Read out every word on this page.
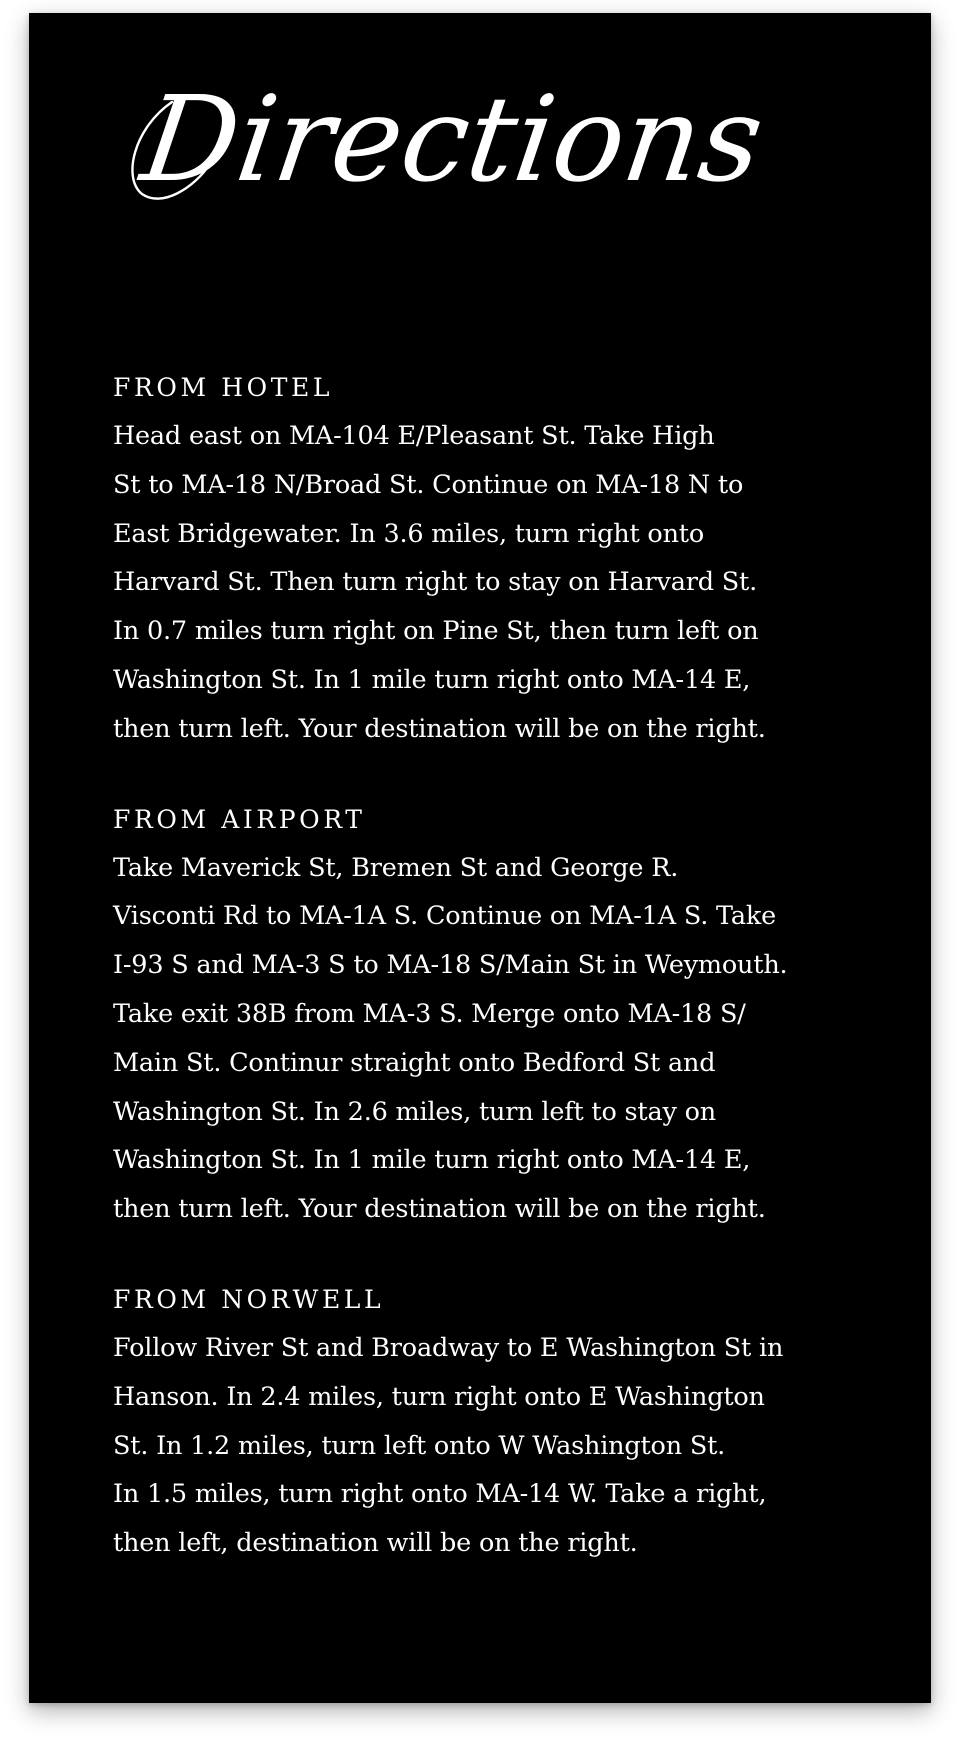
Directions
FROM HOTEL
Head east on MA-104 E/Pleasant St. Take High
St to MA-18 N/Broad St. Continue on MA-18 N to
East Bridgewater. In 3.6 miles, turn right onto
Harvard St. Then turn right to stay on Harvard St.
In 0.7 miles turn right on Pine St, then turn left on
Washington St. In 1 mile turn right onto MA-14 E,
then turn left. Your destination will be on the right.
FROM AIRPORT
Take Maverick St, Bremen St and George R.
Visconti Rd to MA-1A S. Continue on MA-1A S. Take
I-93 S and MA-3 S to MA-18 S/Main St in Weymouth.
Take exit 38B from MA-3 S. Merge onto MA-18 S/
Main St. Continur straight onto Bedford St and
Washington St. In 2.6 miles, turn left to stay on
Washington St. In 1 mile turn right onto MA-14 E,
then turn left. Your destination will be on the right.
FROM NORWELL
Follow River St and Broadway to E Washington St in
Hanson. In 2.4 miles, turn right onto E Washington
St. In 1.2 miles, turn left onto W Washington St.
In 1.5 miles, turn right onto MA-14 W. Take a right,
then left, destination will be on the right.
